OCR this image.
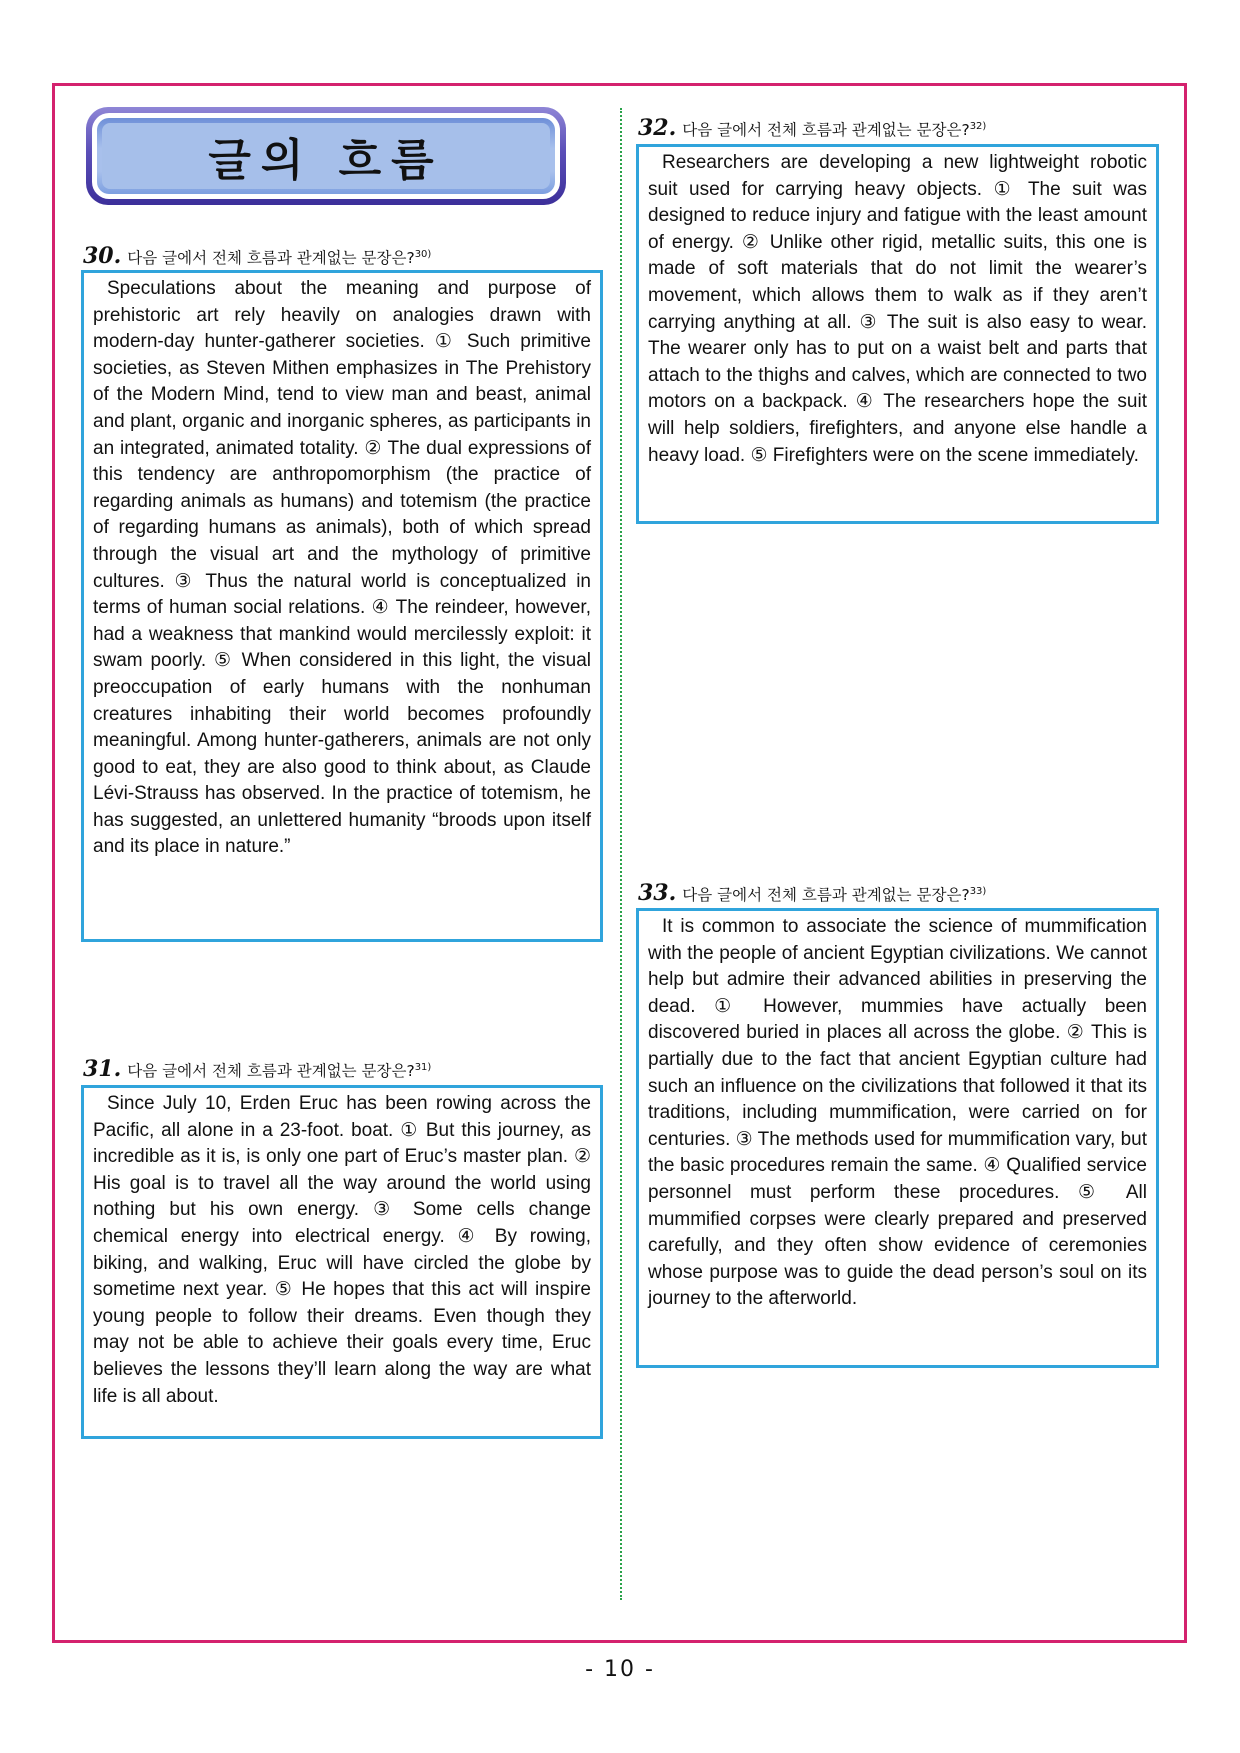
글의 흐름
30. 다음 글에서 전체 흐름과 관계없는 문장은?$^{30)}$

Speculations about the meaning and purpose of prehistoric art rely heavily on analogies drawn with modern-day hunter-gatherer societies. ① Such primitive societies, as Steven Mithen emphasizes in The Prehistory of the Modern Mind, tend to view man and beast, animal and plant, organic and inorganic spheres, as participants in an integrated, animated totality. ② The dual expressions of this tendency are anthropomorphism (the practice of regarding animals as humans) and totemism (the practice of regarding humans as animals), both of which spread through the visual art and the mythology of primitive cultures. ③ Thus the natural world is conceptualized in terms of human social relations. ④ The reindeer, however, had a weakness that mankind would mercilessly exploit: it swam poorly. ⑤ When considered in this light, the visual preoccupation of early humans with the nonhuman creatures inhabiting their world becomes profoundly meaningful. Among hunter-gatherers, animals are not only good to eat, they are also good to think about, as Claude Lévi-Strauss has observed. In the practice of totemism, he has suggested, an unlettered humanity “broods upon itself and its place in nature.”

31. 다음 글에서 전체 흐름과 관계없는 문장은?$^{31)}$

Since July 10, Erden Eruc has been rowing across the Pacific, all alone in a 23-foot. boat. ① But this journey, as incredible as it is, is only one part of Eruc’s master plan. ② His goal is to travel all the way around the world using nothing but his own energy. ③ Some cells change chemical energy into electrical energy. ④ By rowing, biking, and walking, Eruc will have circled the globe by sometime next year. ⑤ He hopes that this act will inspire young people to follow their dreams. Even though they may not be able to achieve their goals every time, Eruc believes the lessons they’ll learn along the way are what life is all about.

32. 다음 글에서 전체 흐름과 관계없는 문장은?$^{32)}$

Researchers are developing a new lightweight robotic suit used for carrying heavy objects. ① The suit was designed to reduce injury and fatigue with the least amount of energy. ② Unlike other rigid, metallic suits, this one is made of soft materials that do not limit the wearer’s movement, which allows them to walk as if they aren’t carrying anything at all. ③ The suit is also easy to wear. The wearer only has to put on a waist belt and parts that attach to the thighs and calves, which are connected to two motors on a backpack. ④ The researchers hope the suit will help soldiers, firefighters, and anyone else handle a heavy load. ⑤ Firefighters were on the scene immediately.

33. 다음 글에서 전체 흐름과 관계없는 문장은?$^{33)}$

It is common to associate the science of mummification with the people of ancient Egyptian civilizations. We cannot help but admire their advanced abilities in preserving the dead. ① However, mummies have actually been discovered buried in places all across the globe. ② This is partially due to the fact that ancient Egyptian culture had such an influence on the civilizations that followed it that its traditions, including mummification, were carried on for centuries. ③ The methods used for mummification vary, but the basic procedures remain the same. ④ Qualified service personnel must perform these procedures. ⑤ All mummified corpses were clearly prepared and preserved carefully, and they often show evidence of ceremonies whose purpose was to guide the dead person’s soul on its journey to the afterworld.

- 10 -
